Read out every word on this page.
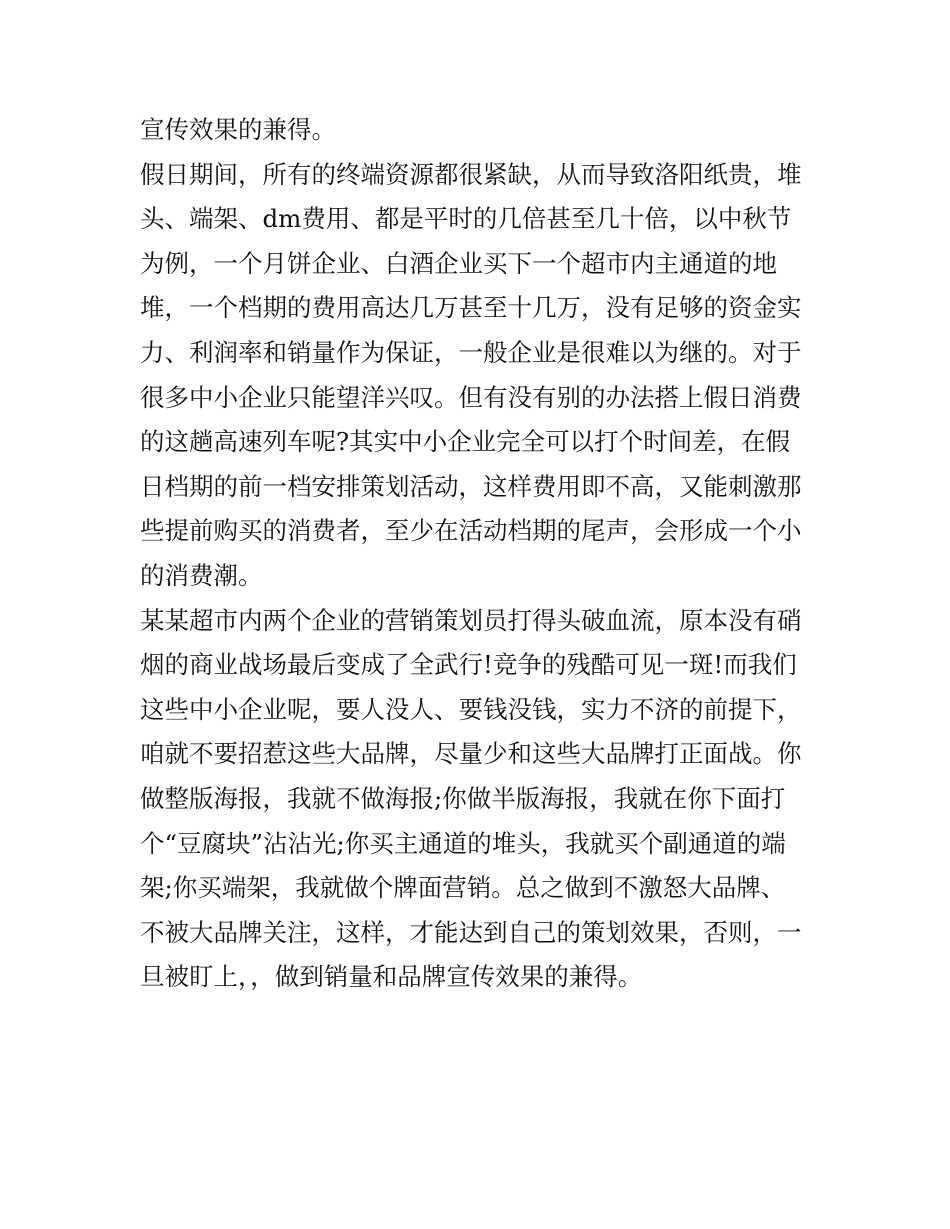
宣传效果的兼得。
假日期间，所有的终端资源都很紧缺，从而导致洛阳纸贵，堆
头、端架、dm费用、都是平时的几倍甚至几十倍，以中秋节
为例，一个月饼企业、白酒企业买下一个超市内主通道的地
堆，一个档期的费用高达几万甚至十几万，没有足够的资金实
力、利润率和销量作为保证，一般企业是很难以为继的。对于
很多中小企业只能望洋兴叹。但有没有别的办法搭上假日消费
的这趟高速列车呢?其实中小企业完全可以打个时间差，在假
日档期的前一档安排策划活动，这样费用即不高，又能刺激那
些提前购买的消费者，至少在活动档期的尾声，会形成一个小
的消费潮。
某某超市内两个企业的营销策划员打得头破血流，原本没有硝
烟的商业战场最后变成了全武行!竞争的残酷可见一斑!而我们
这些中小企业呢，要人没人、要钱没钱，实力不济的前提下，
咱就不要招惹这些大品牌，尽量少和这些大品牌打正面战。你
做整版海报，我就不做海报;你做半版海报，我就在你下面打
个“豆腐块”沾沾光;你买主通道的堆头，我就买个副通道的端
架;你买端架，我就做个牌面营销。总之做到不激怒大品牌、
不被大品牌关注，这样，才能达到自己的策划效果，否则，一
旦被盯上，，做到销量和品牌宣传效果的兼得。
